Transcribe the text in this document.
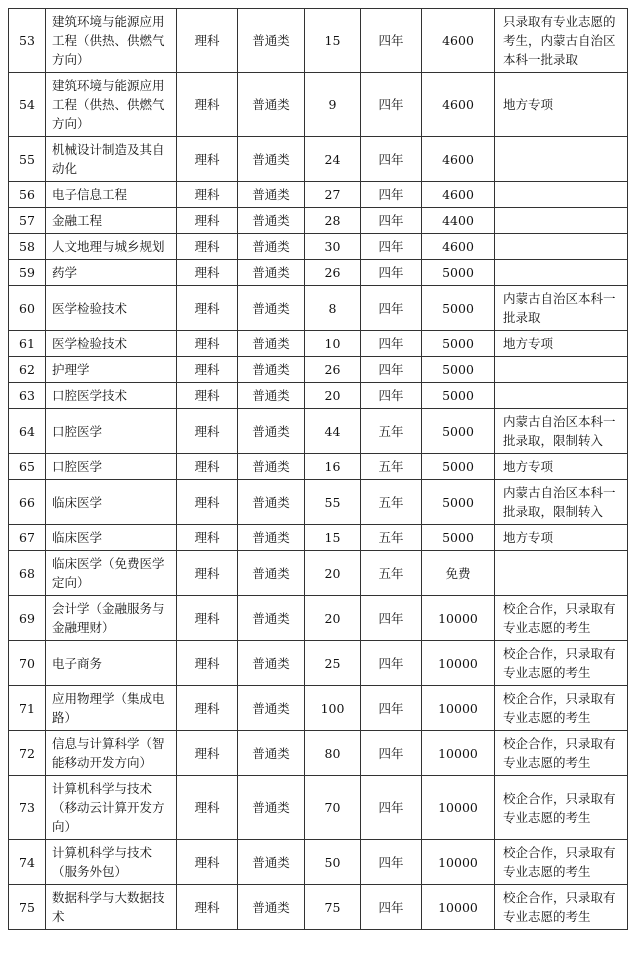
53	建筑环境与能源应用工程（供热、供燃气方向）	理科	普通类	15	四年	4600	只录取有专业志愿的考生，内蒙古自治区本科一批录取
54	建筑环境与能源应用工程（供热、供燃气方向）	理科	普通类	9	四年	4600	地方专项
55	机械设计制造及其自动化	理科	普通类	24	四年	4600	
56	电子信息工程	理科	普通类	27	四年	4600	
57	金融工程	理科	普通类	28	四年	4400	
58	人文地理与城乡规划	理科	普通类	30	四年	4600	
59	药学	理科	普通类	26	四年	5000	
60	医学检验技术	理科	普通类	8	四年	5000	内蒙古自治区本科一批录取
61	医学检验技术	理科	普通类	10	四年	5000	地方专项
62	护理学	理科	普通类	26	四年	5000	
63	口腔医学技术	理科	普通类	20	四年	5000	
64	口腔医学	理科	普通类	44	五年	5000	内蒙古自治区本科一批录取，限制转入
65	口腔医学	理科	普通类	16	五年	5000	地方专项
66	临床医学	理科	普通类	55	五年	5000	内蒙古自治区本科一批录取，限制转入
67	临床医学	理科	普通类	15	五年	5000	地方专项
68	临床医学（免费医学定向）	理科	普通类	20	五年	免费	
69	会计学（金融服务与金融理财）	理科	普通类	20	四年	10000	校企合作，只录取有专业志愿的考生
70	电子商务	理科	普通类	25	四年	10000	校企合作，只录取有专业志愿的考生
71	应用物理学（集成电路）	理科	普通类	100	四年	10000	校企合作，只录取有专业志愿的考生
72	信息与计算科学（智能移动开发方向）	理科	普通类	80	四年	10000	校企合作，只录取有专业志愿的考生
73	计算机科学与技术（移动云计算开发方向）	理科	普通类	70	四年	10000	校企合作，只录取有专业志愿的考生
74	计算机科学与技术（服务外包）	理科	普通类	50	四年	10000	校企合作，只录取有专业志愿的考生
75	数据科学与大数据技术	理科	普通类	75	四年	10000	校企合作，只录取有专业志愿的考生
